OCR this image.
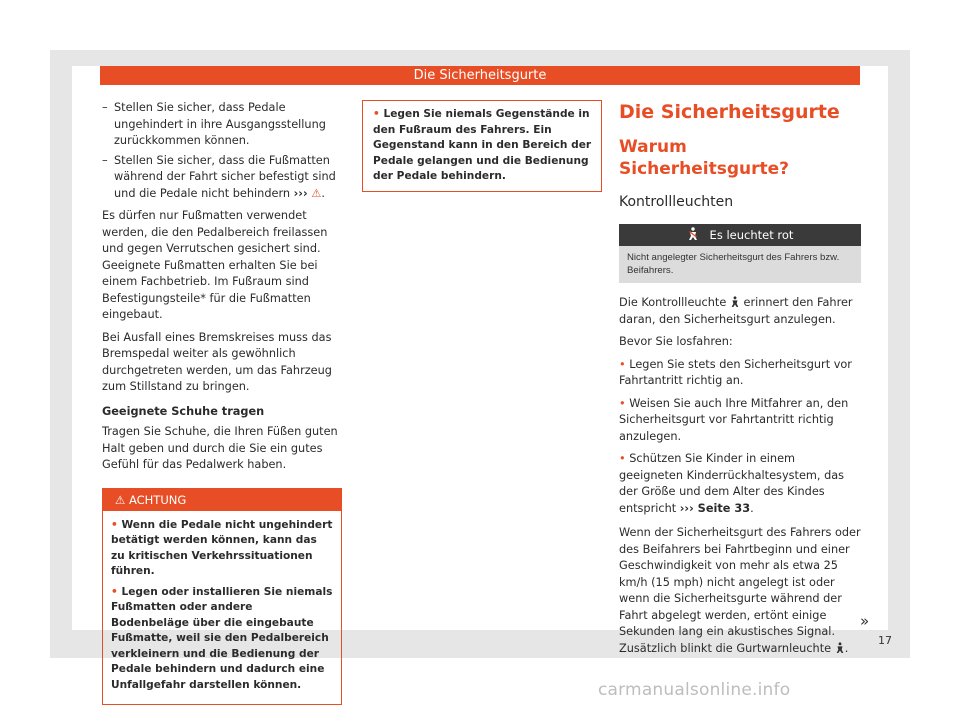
Die Sicherheitsgurte
– Stellen Sie sicher, dass Pedale ungehindert in ihre Ausgangsstellung zurückkommen können.
– Stellen Sie sicher, dass die Fußmatten während der Fahrt sicher befestigt sind und die Pedale nicht behindern ››› ⚠.

Es dürfen nur Fußmatten verwendet werden, die den Pedalbereich freilassen und gegen Verrutschen gesichert sind. Geeignete Fußmatten erhalten Sie bei einem Fachbetrieb. Im Fußraum sind Befestigungsteile* für die Fußmatten eingebaut.

Bei Ausfall eines Bremskreises muss das Bremspedal weiter als gewöhnlich durchgetreten werden, um das Fahrzeug zum Stillstand zu bringen.

Geeignete Schuhe tragen

Tragen Sie Schuhe, die Ihren Füßen guten Halt geben und durch die Sie ein gutes Gefühl für das Pedalwerk haben.

⚠ ACHTUNG

• Wenn die Pedale nicht ungehindert betätigt werden können, kann das zu kritischen Verkehrssituationen führen.

• Legen oder installieren Sie niemals Fußmatten oder andere Bodenbeläge über die eingebaute Fußmatte, weil sie den Pedalbereich verkleinern und die Bedienung der Pedale behindern und dadurch eine Unfallgefahr darstellen können.

• Legen Sie niemals Gegenstände in den Fußraum des Fahrers. Ein Gegenstand kann in den Bereich der Pedale gelangen und die Bedienung der Pedale behindern.

Die Sicherheitsgurte
Warum Sicherheitsgurte?
Kontrollleuchten
Es leuchtet rot
Nicht angelegter Sicherheitsgurt des Fahrers bzw. Beifahrers.

Die Kontrollleuchte erinnert den Fahrer daran, den Sicherheitsgurt anzulegen.

Bevor Sie losfahren:

• Legen Sie stets den Sicherheitsgurt vor Fahrtantritt richtig an.

• Weisen Sie auch Ihre Mitfahrer an, den Sicherheitsgurt vor Fahrtantritt richtig anzulegen.

• Schützen Sie Kinder in einem geeigneten Kinderrückhaltesystem, das der Größe und dem Alter des Kindes entspricht ››› Seite 33.

Wenn der Sicherheitsgurt des Fahrers oder des Beifahrers bei Fahrtbeginn und einer Geschwindigkeit von mehr als etwa 25 km/h (15 mph) nicht angelegt ist oder wenn die Sicherheitsgurte während der Fahrt abgelegt werden, ertönt einige Sekunden lang ein akustisches Signal. Zusätzlich blinkt die Gurtwarnleuchte .

»
17
carmanualsonline.info
